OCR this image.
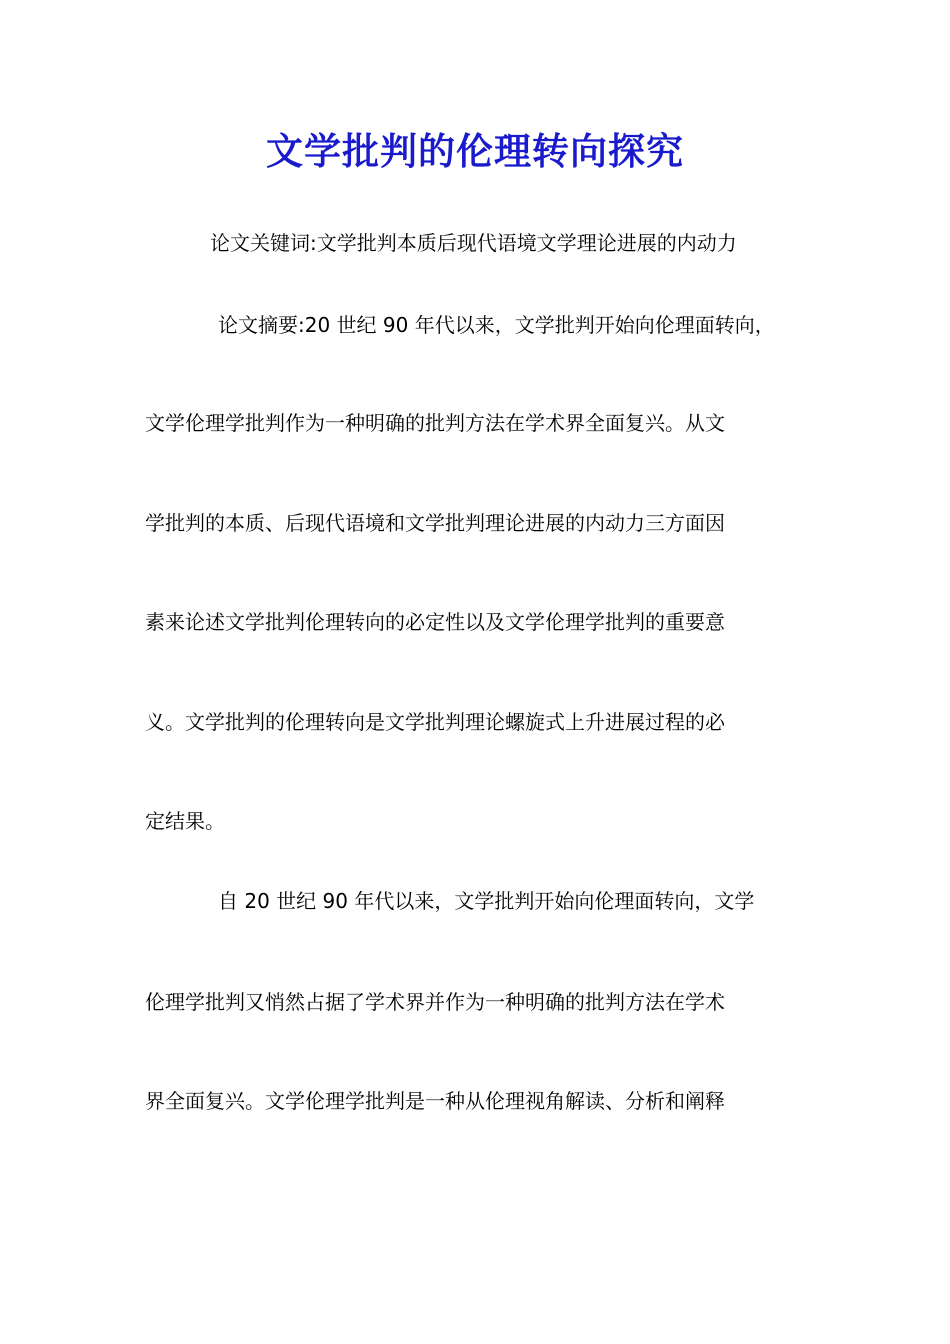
文学批判的伦理转向探究
论文关键词:文学批判本质后现代语境文学理论进展的内动力
论文摘要:20 世纪 90 年代以来，文学批判开始向伦理面转向，
文学伦理学批判作为一种明确的批判方法在学术界全面复兴。从文
学批判的本质、后现代语境和文学批判理论进展的内动力三方面因
素来论述文学批判伦理转向的必定性以及文学伦理学批判的重要意
义。文学批判的伦理转向是文学批判理论螺旋式上升进展过程的必
定结果。
自 20 世纪 90 年代以来，文学批判开始向伦理面转向，文学
伦理学批判又悄然占据了学术界并作为一种明确的批判方法在学术
界全面复兴。文学伦理学批判是一种从伦理视角解读、分析和阐释
